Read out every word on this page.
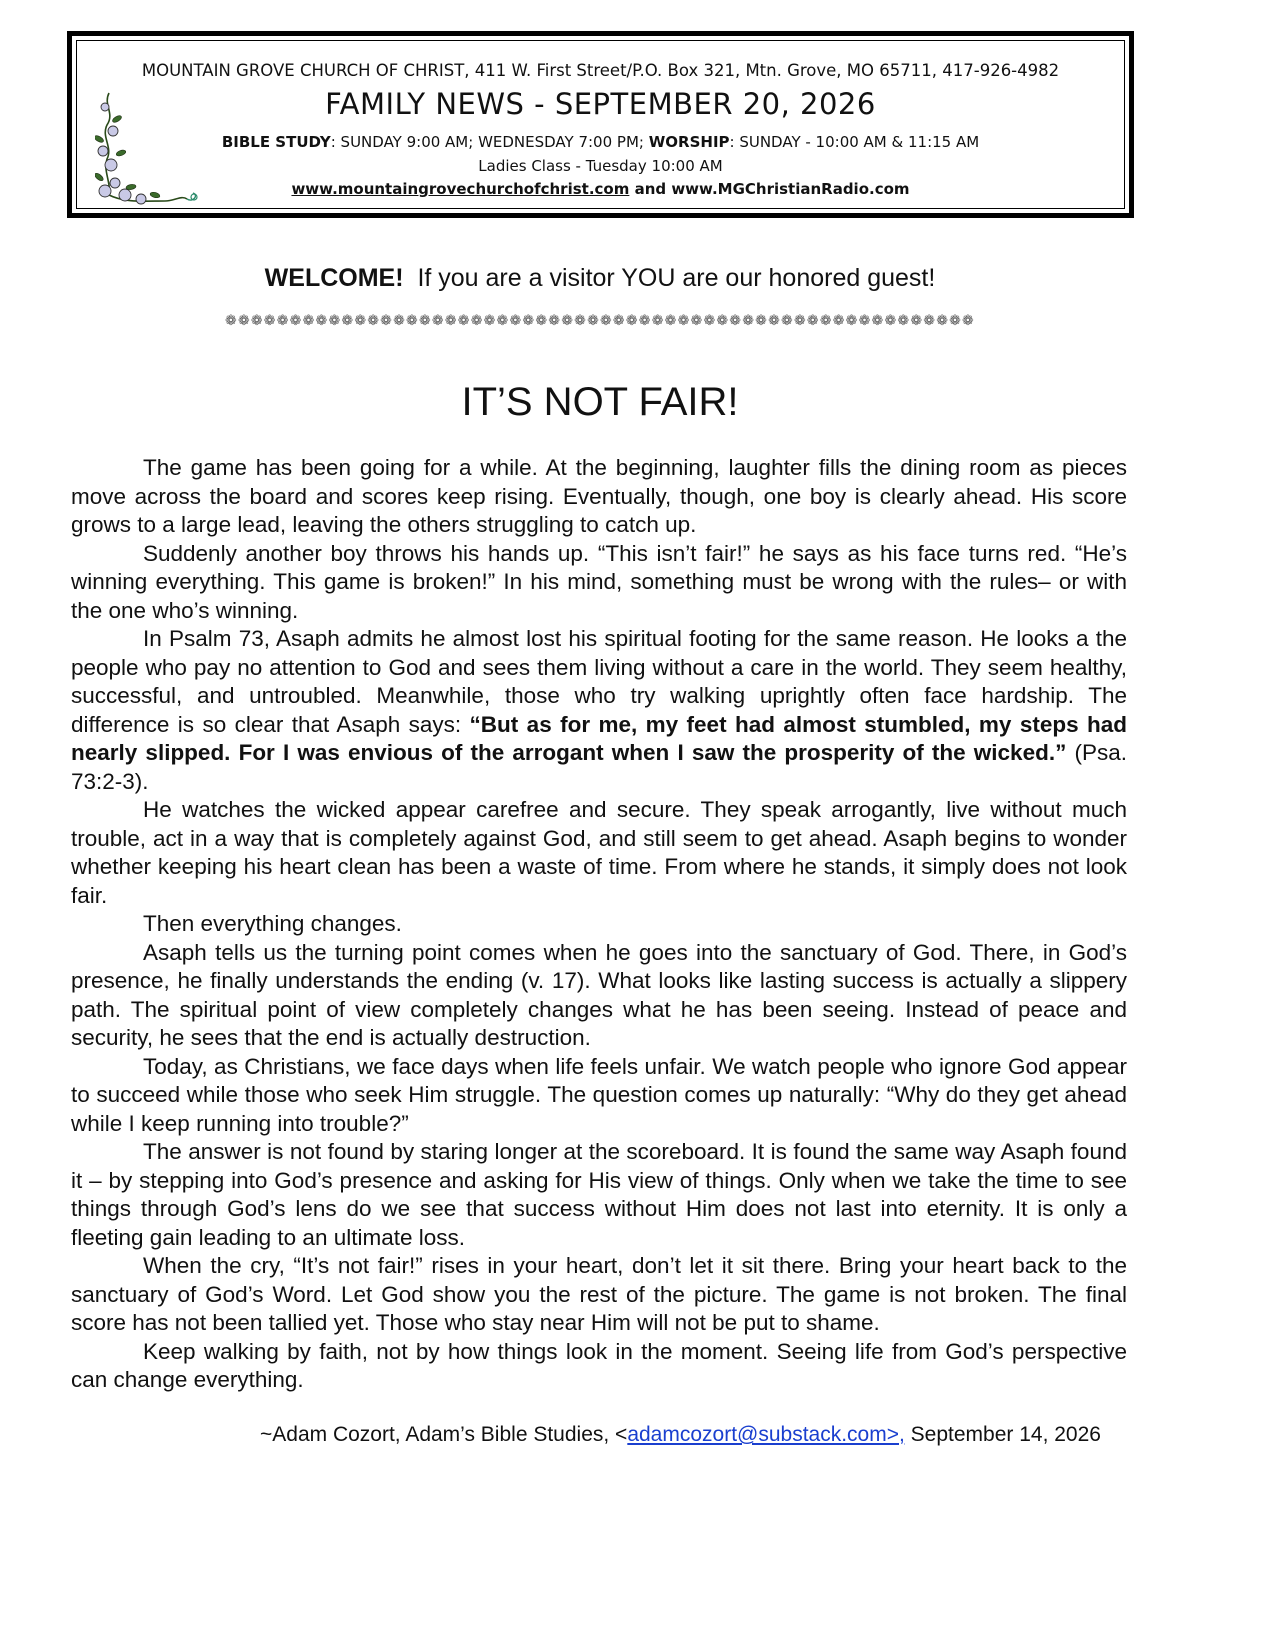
MOUNTAIN GROVE CHURCH OF CHRIST, 411 W. First Street/P.O. Box 321, Mtn. Grove, MO 65711, 417-926-4982
FAMILY NEWS - SEPTEMBER 20, 2026
BIBLE STUDY: SUNDAY 9:00 AM; WEDNESDAY 7:00 PM; WORSHIP: SUNDAY - 10:00 AM & 11:15 AM
Ladies Class - Tuesday 10:00 AM
www.mountaingrovechurchofchrist.com and www.MGChristianRadio.com
WELCOME!  If you are a visitor YOU are our honored guest!
❁❁❁❁❁❁❁❁❁❁❁❁❁❁❁❁❁❁❁❁❁❁❁❁❁❁❁❁❁❁❁❁❁❁❁❁❁❁❁❁❁❁❁❁❁❁❁❁❁❁❁❁❁❁❁❁❁❁
IT’S NOT FAIR!

The game has been going for a while. At the beginning, laughter fills the dining room as pieces move across the board and scores keep rising. Eventually, though, one boy is clearly ahead. His score grows to a large lead, leaving the others struggling to catch up.

Suddenly another boy throws his hands up. “This isn’t fair!” he says as his face turns red. “He’s winning everything. This game is broken!” In his mind, something must be wrong with the rules– or with the one who’s winning.

In Psalm 73, Asaph admits he almost lost his spiritual footing for the same reason. He looks a the people who pay no attention to God and sees them living without a care in the world. They seem healthy, successful, and untroubled. Meanwhile, those who try walking uprightly often face hardship. The difference is so clear that Asaph says: “But as for me, my feet had almost stumbled, my steps had nearly slipped. For I was envious of the arrogant when I saw the prosperity of the wicked.” (Psa. 73:2-3).

He watches the wicked appear carefree and secure. They speak arrogantly, live without much trouble, act in a way that is completely against God, and still seem to get ahead. Asaph begins to wonder whether keeping his heart clean has been a waste of time. From where he stands, it simply does not look fair.

Then everything changes.

Asaph tells us the turning point comes when he goes into the sanctuary of God. There, in God’s presence, he finally understands the ending (v. 17). What looks like lasting success is actually a slippery path. The spiritual point of view completely changes what he has been seeing. Instead of peace and security, he sees that the end is actually destruction.

Today, as Christians, we face days when life feels unfair. We watch people who ignore God appear to succeed while those who seek Him struggle. The question comes up naturally: “Why do they get ahead while I keep running into trouble?”

The answer is not found by staring longer at the scoreboard. It is found the same way Asaph found it – by stepping into God’s presence and asking for His view of things. Only when we take the time to see things through God’s lens do we see that success without Him does not last into eternity. It is only a fleeting gain leading to an ultimate loss.

When the cry, “It’s not fair!” rises in your heart, don’t let it sit there. Bring your heart back to the sanctuary of God’s Word. Let God show you the rest of the picture. The game is not broken. The final score has not been tallied yet. Those who stay near Him will not be put to shame.

Keep walking by faith, not by how things look in the moment. Seeing life from God’s perspective can change everything.

~Adam Cozort, Adam’s Bible Studies, <adamcozort@substack.com>, September 14, 2026
